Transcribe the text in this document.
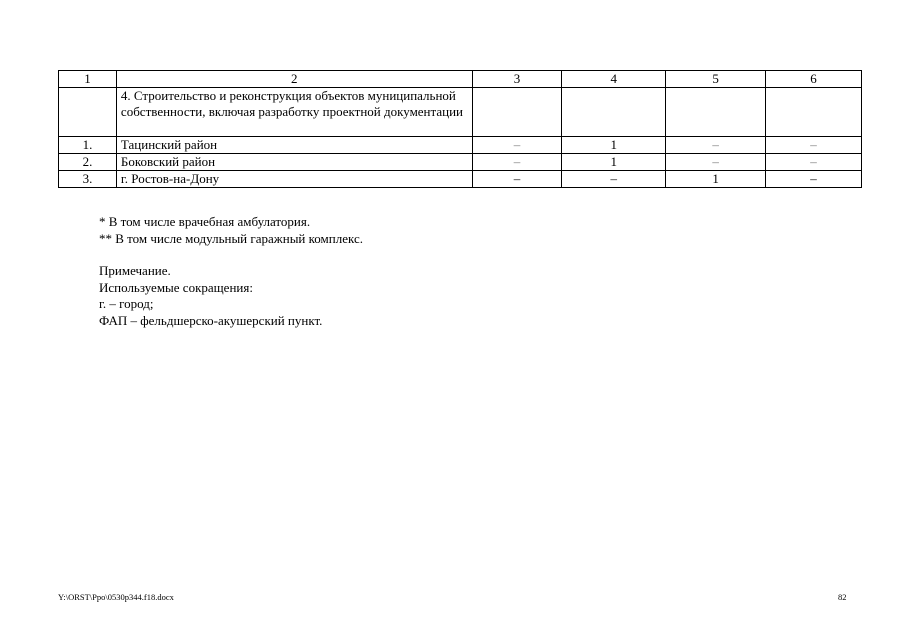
1	2	3	4	5	6
	4. Строительство и реконструкция объектов муниципальной собственности, включая разработку проектной документации				
1.	Тацинский район	–	1	–	–
2.	Боковский район	–	1	–	–
3.	г. Ростов-на-Дону	–	–	1	–

* В том числе врачебная амбулатория.

** В том числе модульный гаражный комплекс.

Примечание.

Используемые сокращения:

г. – город;

ФАП – фельдшерско-акушерский пункт.

Y:\ORST\Ppo\0530p344.f18.docx	82
